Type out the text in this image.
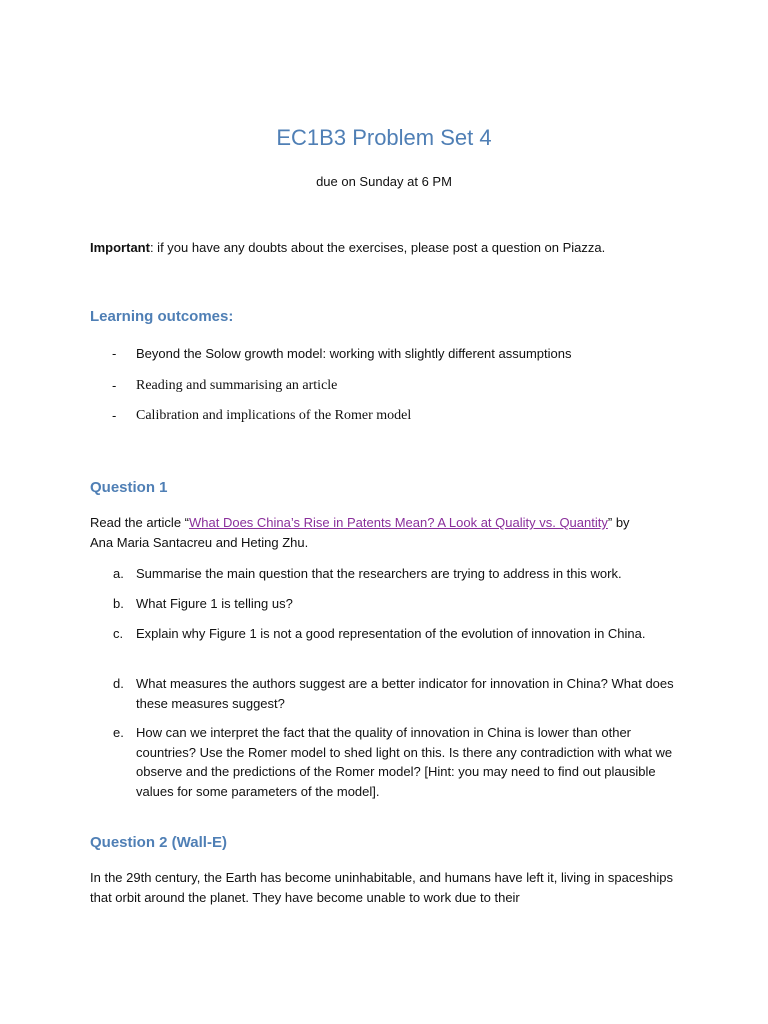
EC1B3 Problem Set 4
due on Sunday at 6 PM
Important: if you have any doubts about the exercises, please post a question on Piazza.
Learning outcomes:
- Beyond the Solow growth model: working with slightly different assumptions
- Reading and summarising an article
- Calibration and implications of the Romer model
Question 1
Read the article “What Does China’s Rise in Patents Mean? A Look at Quality vs. Quantity” by
Ana Maria Santacreu and Heting Zhu.
a. Summarise the main question that the researchers are trying to address in this work.
b. What Figure 1 is telling us?
c. Explain why Figure 1 is not a good representation of the evolution of innovation in China.
d. What measures the authors suggest are a better indicator for innovation in China? What does these measures suggest?
e. How can we interpret the fact that the quality of innovation in China is lower than other countries? Use the Romer model to shed light on this. Is there any contradiction with what we observe and the predictions of the Romer model? [Hint: you may need to find out plausible values for some parameters of the model].
Question 2 (Wall-E)
In the 29th century, the Earth has become uninhabitable, and humans have left it, living in spaceships that orbit around the planet. They have become unable to work due to their
